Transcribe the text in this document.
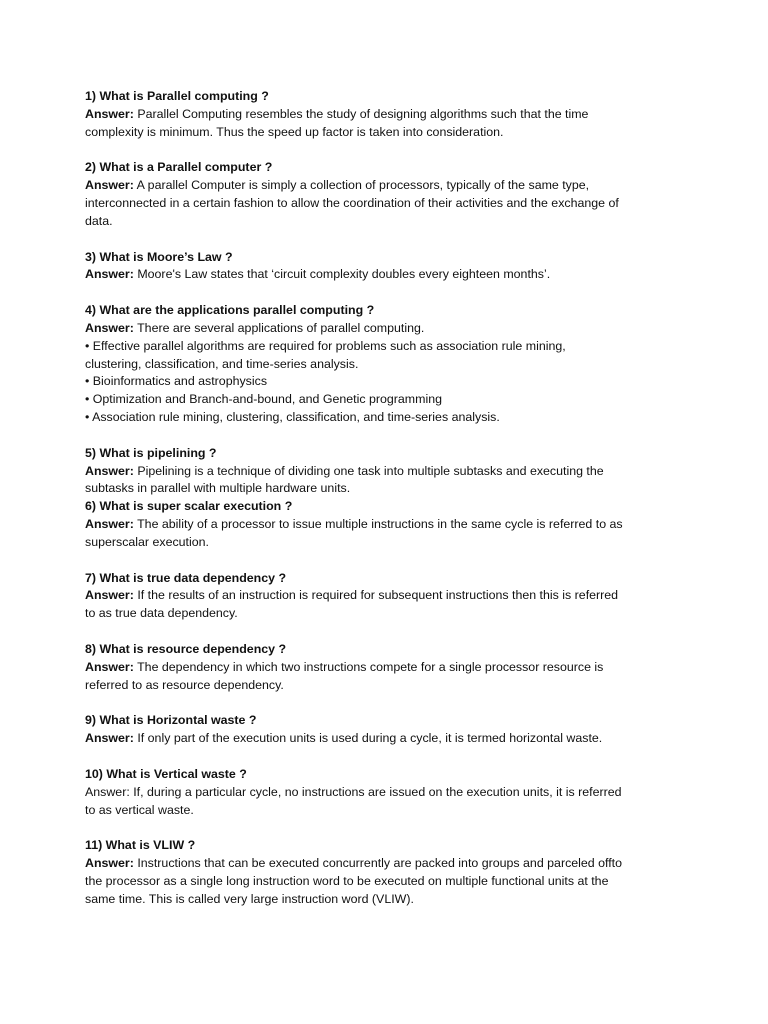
1) What is Parallel computing ?
Answer: Parallel Computing resembles the study of designing algorithms such that the time complexity is minimum. Thus the speed up factor is taken into consideration.
2) What is a Parallel computer ?
Answer: A parallel Computer is simply a collection of processors, typically of the same type, interconnected in a certain fashion to allow the coordination of their activities and the exchange of data.
3) What is Moore’s Law ?
Answer: Moore's Law states that ‘circuit complexity doubles every eighteen months’.
4) What are the applications parallel computing ?
Answer: There are several applications of parallel computing.
• Effective parallel algorithms are required for problems such as association rule mining, clustering, classification, and time-series analysis.
• Bioinformatics and astrophysics
• Optimization and Branch-and-bound, and Genetic programming
• Association rule mining, clustering, classification, and time-series analysis.
5) What is pipelining ?
Answer: Pipelining is a technique of dividing one task into multiple subtasks and executing the subtasks in parallel with multiple hardware units.
6) What is super scalar execution ?
Answer: The ability of a processor to issue multiple instructions in the same cycle is referred to as superscalar execution.
7) What is true data dependency ?
Answer: If the results of an instruction is required for subsequent instructions then this is referred to as true data dependency.
8) What is resource dependency ?
Answer: The dependency in which two instructions compete for a single processor resource is referred to as resource dependency.
9) What is Horizontal waste ?
Answer: If only part of the execution units is used during a cycle, it is termed horizontal waste.
10) What is Vertical waste ?
Answer: If, during a particular cycle, no instructions are issued on the execution units, it is referred to as vertical waste.
11) What is VLIW ?
Answer: Instructions that can be executed concurrently are packed into groups and parceled offto the processor as a single long instruction word to be executed on multiple functional units at the same time. This is called very large instruction word (VLIW).
